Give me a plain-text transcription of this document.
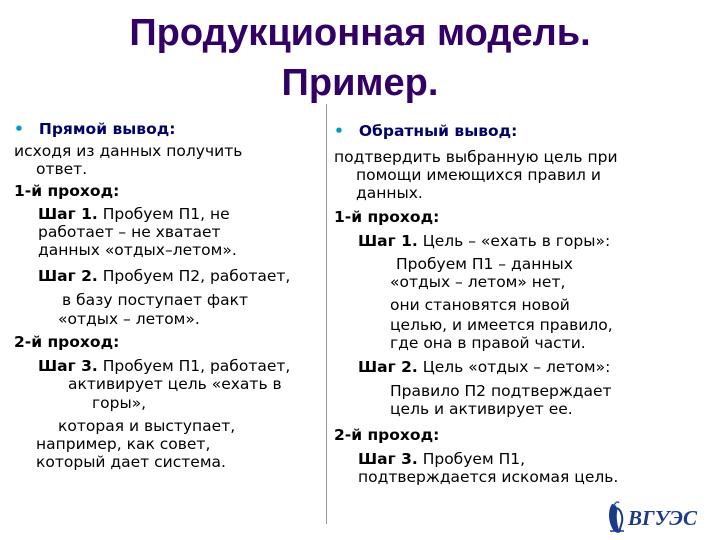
Продукционная модель.
Пример.
• Прямой вывод:
исходя из данных получить
ответ.
1-й проход:
Шаг 1. Пробуем П1, не
работает – не хватает
данных «отдых–летом».
Шаг 2. Пробуем П2, работает,
в базу поступает факт
«отдых – летом».
2-й проход:
Шаг 3. Пробуем П1, работает,
активирует цель «ехать в
горы»,
которая и выступает,
например, как совет,
который дает система.
• Обратный вывод:
подтвердить выбранную цель при
помощи имеющихся правил и
данных.
1-й проход:
Шаг 1. Цель – «ехать в горы»:
Пробуем П1 – данных
«отдых – летом» нет,
они становятся новой
целью, и имеется правило,
где она в правой части.
Шаг 2. Цель «отдых – летом»:
Правило П2 подтверждает
цель и активирует ее.
2-й проход:
Шаг 3. Пробуем П1,
подтверждается искомая цель.
ВГУЭС
